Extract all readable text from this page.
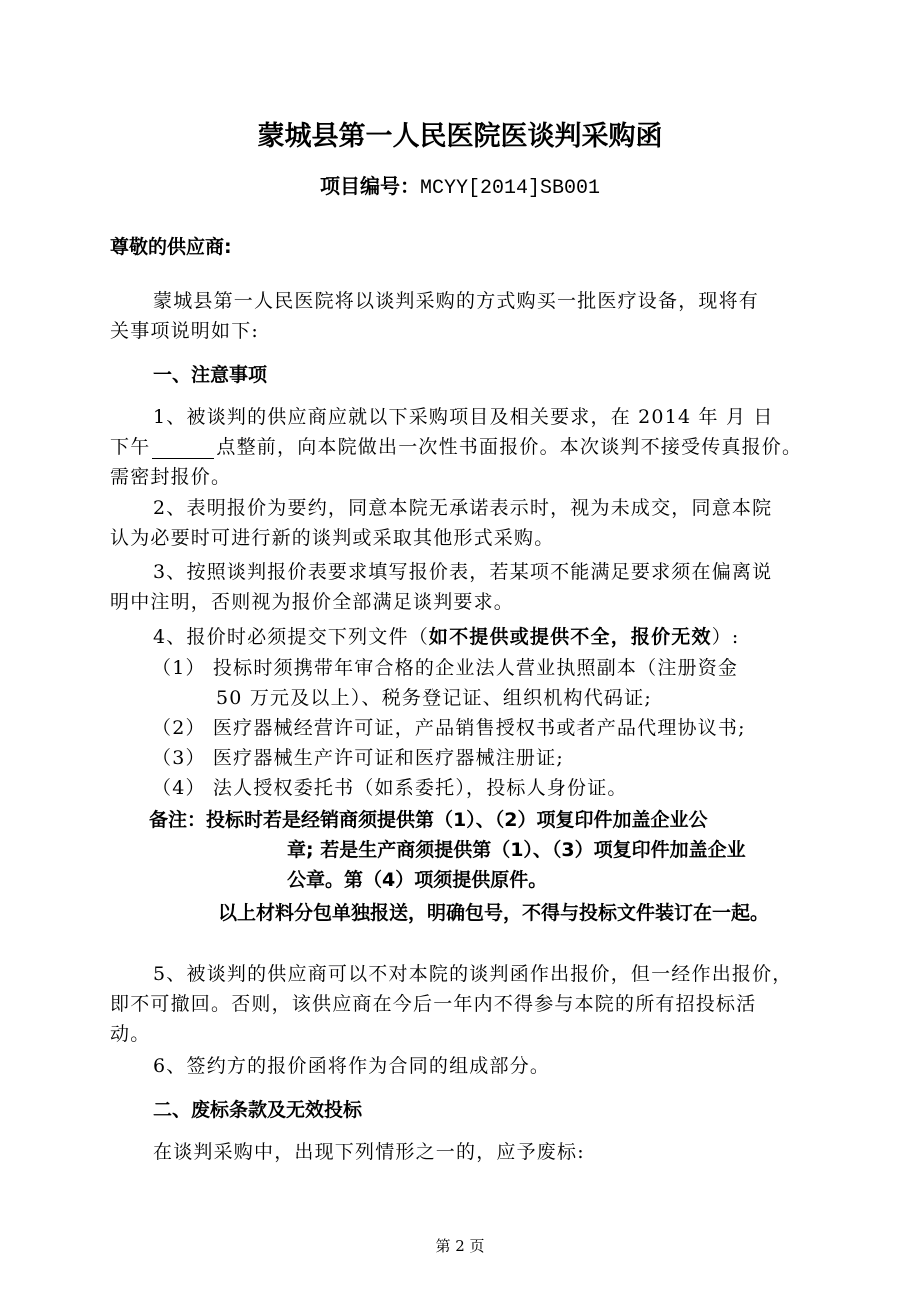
蒙城县第一人民医院医谈判采购函
项目编号：MCYY[2014]SB001
尊敬的供应商:
蒙城县第一人民医院将以谈判采购的方式购买一批医疗设备，现将有
关事项说明如下:
一、注意事项
1、被谈判的供应商应就以下采购项目及相关要求，在 2014 年 月 日
下午	点整前，向本院做出一次性书面报价。本次谈判不接受传真报价。
需密封报价。
2、表明报价为要约，同意本院无承诺表示时，视为未成交，同意本院
认为必要时可进行新的谈判或采取其他形式采购。
3、按照谈判报价表要求填写报价表，若某项不能满足要求须在偏离说
明中注明，否则视为报价全部满足谈判要求。
4、报价时必须提交下列文件（如不提供或提供不全，报价无效）:
（1） 投标时须携带年审合格的企业法人营业执照副本（注册资金
50 万元及以上）、税务登记证、组织机构代码证;
（2） 医疗器械经营许可证，产品销售授权书或者产品代理协议书;
（3） 医疗器械生产许可证和医疗器械注册证;
（4） 法人授权委托书（如系委托），投标人身份证。
备注：投标时若是经销商须提供第（1）、（2）项复印件加盖企业公
章; 若是生产商须提供第（1）、（3）项复印件加盖企业
公章。第（4）项须提供原件。
以上材料分包单独报送，明确包号，不得与投标文件装订在一起。
5、被谈判的供应商可以不对本院的谈判函作出报价，但一经作出报价，
即不可撤回。否则，该供应商在今后一年内不得参与本院的所有招投标活
动。
6、签约方的报价函将作为合同的组成部分。
二、废标条款及无效投标
在谈判采购中，出现下列情形之一的，应予废标:
第 2 页
